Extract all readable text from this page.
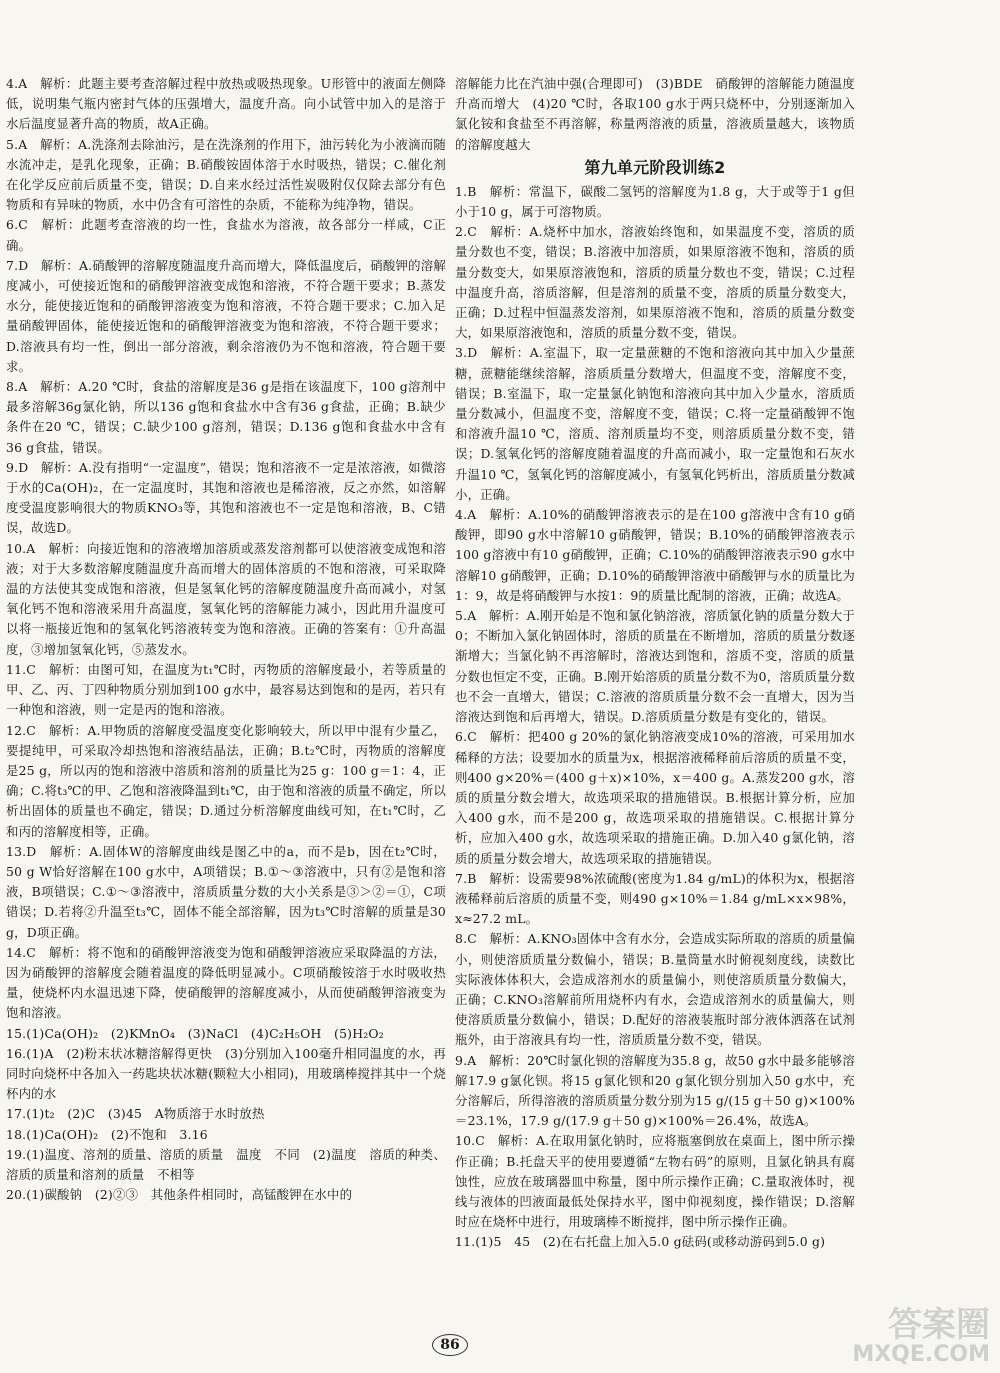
4.A　解析：此题主要考查溶解过程中放热或吸热现象。U形管中的液面左侧降低，说明集气瓶内密封气体的压强增大，温度升高。向小试管中加入的是溶于水后温度显著升高的物质，故A正确。

5.A　解析：A.洗涤剂去除油污，是在洗涤剂的作用下，油污转化为小液滴而随水流冲走，是乳化现象，正确；B.硝酸铵固体溶于水时吸热，错误；C.催化剂在化学反应前后质量不变，错误；D.自来水经过活性炭吸附仅仅除去部分有色物质和有异味的物质，水中仍含有可溶性的杂质，不能称为纯净物，错误。

6.C　解析：此题考查溶液的均一性，食盐水为溶液，故各部分一样咸，C正确。

7.D　解析：A.硝酸钾的溶解度随温度升高而增大，降低温度后，硝酸钾的溶解度减小，可使接近饱和的硝酸钾溶液变成饱和溶液，不符合题干要求；B.蒸发水分，能使接近饱和的硝酸钾溶液变为饱和溶液，不符合题干要求；C.加入足量硝酸钾固体，能使接近饱和的硝酸钾溶液变为饱和溶液，不符合题干要求；D.溶液具有均一性，倒出一部分溶液，剩余溶液仍为不饱和溶液，符合题干要求。

8.A　解析：A.20 ℃时，食盐的溶解度是36 g是指在该温度下，100 g溶剂中最多溶解36g氯化钠，所以136 g饱和食盐水中含有36 g食盐，正确；B.缺少条件在20 ℃，错误；C.缺少100 g溶剂，错误；D.136 g饱和食盐水中含有36 g食盐，错误。

9.D　解析：A.没有指明“一定温度”，错误；饱和溶液不一定是浓溶液，如微溶于水的Ca(OH)₂，在一定温度时，其饱和溶液也是稀溶液，反之亦然，如溶解度受温度影响很大的物质KNO₃等，其饱和溶液也不一定是饱和溶液，B、C错误，故选D。

10.A　解析：向接近饱和的溶液增加溶质或蒸发溶剂都可以使溶液变成饱和溶液；对于大多数溶解度随温度升高而增大的固体溶质的不饱和溶液，可采取降温的方法使其变成饱和溶液，但是氢氧化钙的溶解度随温度升高而减小，对氢氧化钙不饱和溶液采用升高温度，氢氧化钙的溶解能力减小，因此用升温度可以将一瓶接近饱和的氢氧化钙溶液转变为饱和溶液。正确的答案有：①升高温度，③增加氢氧化钙，⑤蒸发水。

11.C　解析：由图可知，在温度为t₁℃时，丙物质的溶解度最小，若等质量的甲、乙、丙、丁四种物质分别加到100 g水中，最容易达到饱和的是丙，若只有一种饱和溶液，则一定是丙的饱和溶液。

12.C　解析：A.甲物质的溶解度受温度变化影响较大，所以甲中混有少量乙，要提纯甲，可采取冷却热饱和溶液结晶法，正确；B.t₂℃时，丙物质的溶解度是25 g，所以丙的饱和溶液中溶质和溶剂的质量比为25 g：100 g＝1：4，正确；C.将t₃℃的甲、乙饱和溶液降温到t₁℃，由于饱和溶液的质量不确定，所以析出固体的质量也不确定，错误；D.通过分析溶解度曲线可知，在t₁℃时，乙和丙的溶解度相等，正确。

13.D　解析：A.固体W的溶解度曲线是图乙中的a，而不是b，因在t₂℃时，50 g W恰好溶解在100 g水中，A项错误；B.①～③溶液中，只有②是饱和溶液，B项错误；C.①～③溶液中，溶质质量分数的大小关系是③＞②＝①，C项错误；D.若将②升温至t₃℃，固体不能全部溶解，因为t₃℃时溶解的质量是30 g，D项正确。

14.C　解析：将不饱和的硝酸钾溶液变为饱和硝酸钾溶液应采取降温的方法，因为硝酸钾的溶解度会随着温度的降低明显减小。C项硝酸铵溶于水时吸收热量，使烧杯内水温迅速下降，使硝酸钾的溶解度减小，从而使硝酸钾溶液变为饱和溶液。

15.(1)Ca(OH)₂　(2)KMnO₄　(3)NaCl　(4)C₂H₅OH　(5)H₂O₂

16.(1)A　(2)粉末状冰糖溶解得更快　(3)分别加入100毫升相同温度的水，再同时向烧杯中各加入一药匙块状冰糖(颗粒大小相同)，用玻璃棒搅拌其中一个烧杯内的水

17.(1)t₂　(2)C　(3)45　A物质溶于水时放热

18.(1)Ca(OH)₂　(2)不饱和　3.16

19.(1)温度、溶剂的质量、溶质的质量　温度　不同　(2)温度　溶质的种类、溶质的质量和溶剂的质量　不相等

20.(1)碳酸钠　(2)②③　其他条件相同时，高锰酸钾在水中的

溶解能力比在汽油中强(合理即可)　(3)BDE　硝酸钾的溶解能力随温度升高而增大　(4)20 ℃时，各取100 g水于两只烧杯中，分别逐渐加入氯化铵和食盐至不再溶解，称量两溶液的质量，溶液质量越大，该物质的溶解度越大

第九单元阶段训练2

1.B　解析：常温下，碳酸二氢钙的溶解度为1.8 g，大于或等于1 g但小于10 g，属于可溶物质。

2.C　解析：A.烧杯中加水，溶液始终饱和，如果温度不变，溶质的质量分数也不变，错误；B.溶液中加溶质，如果原溶液不饱和，溶质的质量分数变大，如果原溶液饱和，溶质的质量分数也不变，错误；C.过程中温度升高，溶质溶解，但是溶剂的质量不变，溶质的质量分数变大，正确；D.过程中恒温蒸发溶剂，如果原溶液不饱和，溶质的质量分数变大，如果原溶液饱和，溶质的质量分数不变，错误。

3.D　解析：A.室温下，取一定量蔗糖的不饱和溶液向其中加入少量蔗糖，蔗糖能继续溶解，溶质质量分数增大，但温度不变，溶解度不变，错误；B.室温下，取一定量氯化钠饱和溶液向其中加入少量水，溶质质量分数减小，但温度不变，溶解度不变，错误；C.将一定量硝酸钾不饱和溶液升温10 ℃，溶质、溶剂质量均不变，则溶质质量分数不变，错误；D.氢氧化钙的溶解度随着温度的升高而减小，取一定量饱和石灰水升温10 ℃，氢氧化钙的溶解度减小，有氢氧化钙析出，溶质质量分数减小，正确。

4.A　解析：A.10%的硝酸钾溶液表示的是在100 g溶液中含有10 g硝酸钾，即90 g水中溶解10 g硝酸钾，错误；B.10%的硝酸钾溶液表示100 g溶液中有10 g硝酸钾，正确；C.10%的硝酸钾溶液表示90 g水中溶解10 g硝酸钾，正确；D.10%的硝酸钾溶液中硝酸钾与水的质量比为1：9，故是将硝酸钾与水按1：9的质量比配制的溶液，正确；故选A。

5.A　解析：A.刚开始是不饱和氯化钠溶液，溶质氯化钠的质量分数大于0；不断加入氯化钠固体时，溶质的质量在不断增加，溶质的质量分数逐渐增大；当氯化钠不再溶解时，溶液达到饱和，溶质不变，溶质的质量分数也恒定不变，正确。B.刚开始溶质的质量分数不为0，溶质质量分数也不会一直增大，错误；C.溶液的溶质质量分数不会一直增大，因为当溶液达到饱和后再增大，错误。D.溶质质量分数是有变化的，错误。

6.C　解析：把400 g 20%的氯化钠溶液变成10%的溶液，可采用加水稀释的方法；设要加水的质量为x，根据溶液稀释前后溶质的质量不变，则400 g×20%＝(400 g＋x)×10%，x＝400 g。A.蒸发200 g水，溶质的质量分数会增大，故选项采取的措施错误。B.根据计算分析，应加入400 g水，而不是200 g，故选项采取的措施错误。C.根据计算分析，应加入400 g水，故选项采取的措施正确。D.加入40 g氯化钠，溶质的质量分数会增大，故选项采取的措施错误。

7.B　解析：设需要98%浓硫酸(密度为1.84 g/mL)的体积为x，根据溶液稀释前后溶质的质量不变，则490 g×10%＝1.84 g/mL×x×98%，x≈27.2 mL。

8.C　解析：A.KNO₃固体中含有水分，会造成实际所取的溶质的质量偏小，则使溶质质量分数偏小，错误；B.量筒量水时俯视刻度线，读数比实际液体体积大，会造成溶剂水的质量偏小，则使溶质质量分数偏大，正确；C.KNO₃溶解前所用烧杯内有水，会造成溶剂水的质量偏大，则使溶质质量分数偏小，错误；D.配好的溶液装瓶时部分液体洒落在试剂瓶外，由于溶液具有均一性，溶质质量分数不变，错误。

9.A　解析：20℃时氯化钡的溶解度为35.8 g，故50 g水中最多能够溶解17.9 g氯化钡。将15 g氯化钡和20 g氯化钡分别加入50 g水中，充分溶解后，所得溶液的溶质质量分数分别为15 g/(15 g＋50 g)×100%＝23.1%，17.9 g/(17.9 g＋50 g)×100%＝26.4%，故选A。

10.C　解析：A.在取用氯化钠时，应将瓶塞倒放在桌面上，图中所示操作正确；B.托盘天平的使用要遵循“左物右码”的原则，且氯化钠具有腐蚀性，应放在玻璃器皿中称量，图中所示操作正确；C.量取液体时，视线与液体的凹液面最低处保持水平，图中仰视刻度，操作错误；D.溶解时应在烧杯中进行，用玻璃棒不断搅拌，图中所示操作正确。

11.(1)5　45　(2)在右托盘上加入5.0 g砝码(或移动游码到5.0 g)

86	答案圈
MXQE.COM
